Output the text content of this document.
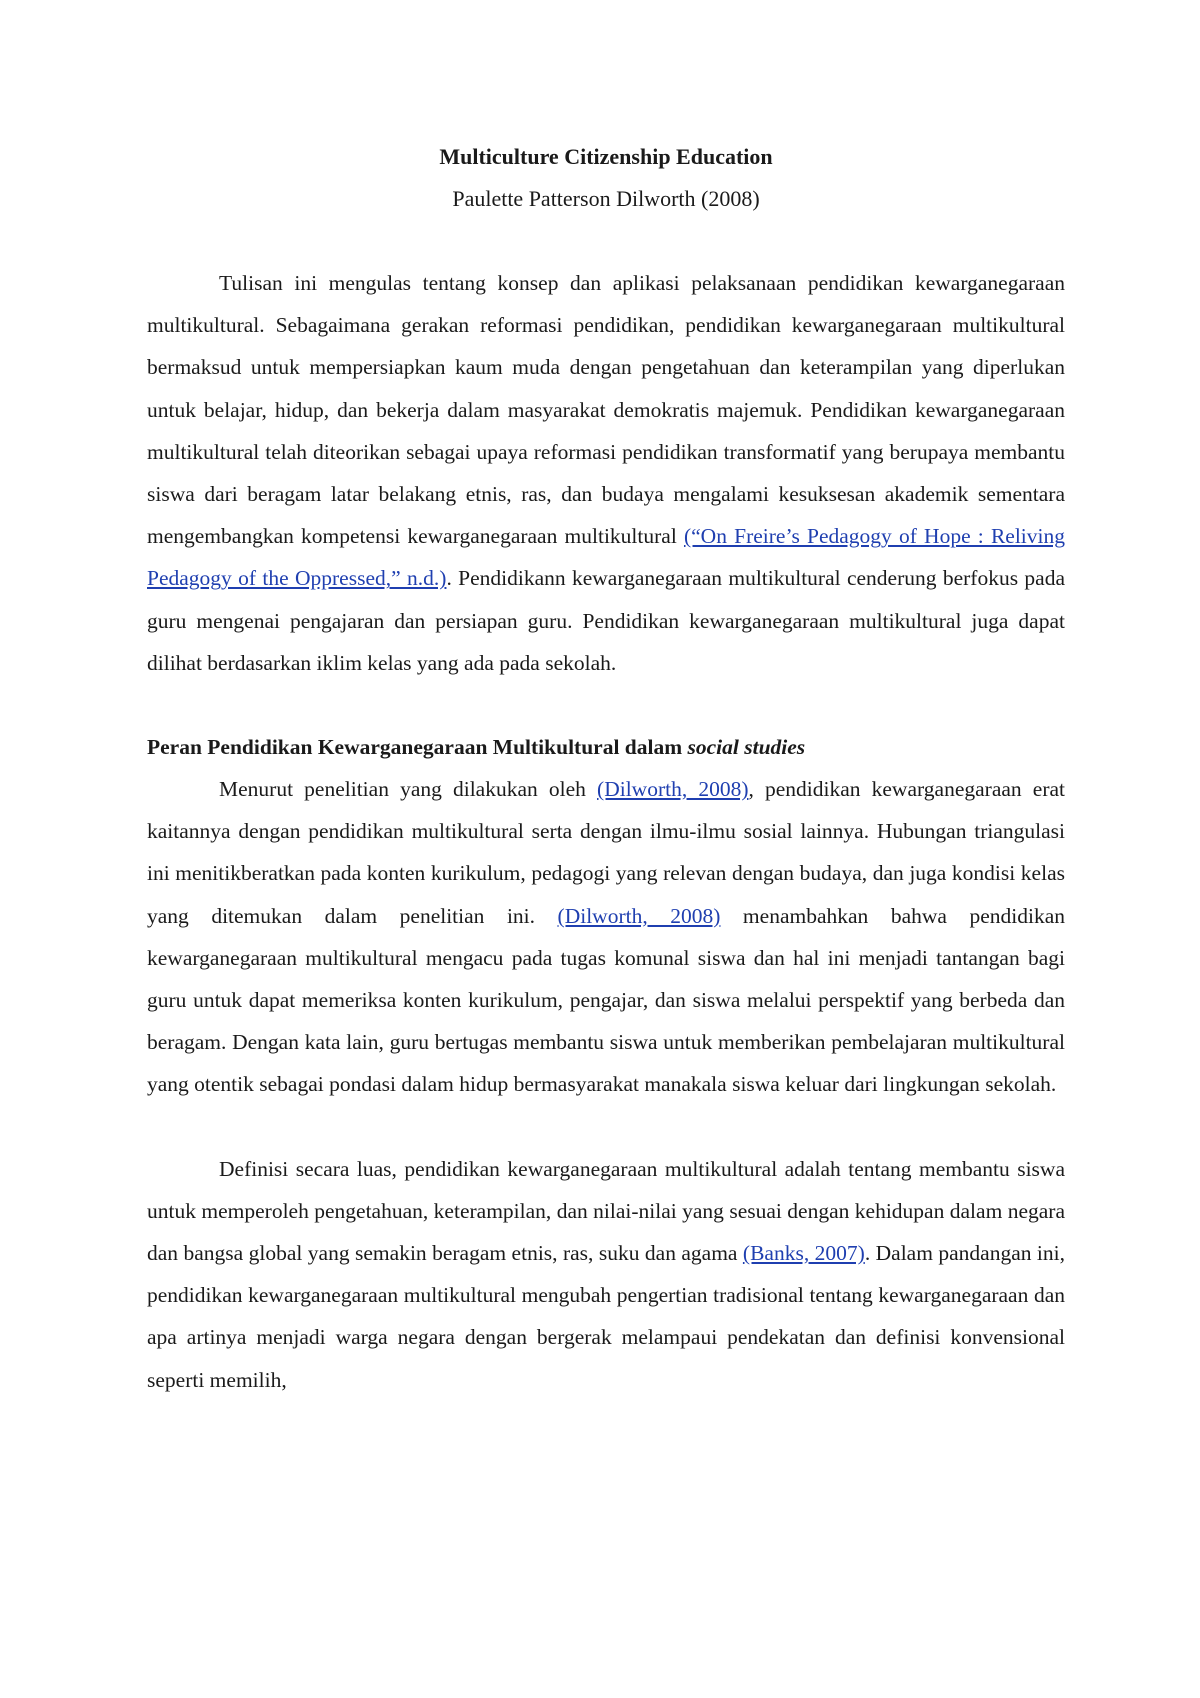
Multiculture Citizenship Education
Paulette Patterson Dilworth (2008)

Tulisan ini mengulas tentang konsep dan aplikasi pelaksanaan pendidikan kewarganegaraan multikultural. Sebagaimana gerakan reformasi pendidikan, pendidikan kewarganegaraan multikultural bermaksud untuk mempersiapkan kaum muda dengan pengetahuan dan keterampilan yang diperlukan untuk belajar, hidup, dan bekerja dalam masyarakat demokratis majemuk. Pendidikan kewarganegaraan multikultural telah diteorikan sebagai upaya reformasi pendidikan transformatif yang berupaya membantu siswa dari beragam latar belakang etnis, ras, dan budaya mengalami kesuksesan akademik sementara mengembangkan kompetensi kewarganegaraan multikultural (“On Freire’s Pedagogy of Hope : Reliving Pedagogy of the Oppressed,” n.d.). Pendidikann kewarganegaraan multikultural cenderung berfokus pada guru mengenai pengajaran dan persiapan guru. Pendidikan kewarganegaraan multikultural juga dapat dilihat berdasarkan iklim kelas yang ada pada sekolah.

Peran Pendidikan Kewarganegaraan Multikultural dalam social studies

Menurut penelitian yang dilakukan oleh (Dilworth, 2008), pendidikan kewarganegaraan erat kaitannya dengan pendidikan multikultural serta dengan ilmu-ilmu sosial lainnya. Hubungan triangulasi ini menitikberatkan pada konten kurikulum, pedagogi yang relevan dengan budaya, dan juga kondisi kelas yang ditemukan dalam penelitian ini. (Dilworth, 2008) menambahkan bahwa pendidikan kewarganegaraan multikultural mengacu pada tugas komunal siswa dan hal ini menjadi tantangan bagi guru untuk dapat memeriksa konten kurikulum, pengajar, dan siswa melalui perspektif yang berbeda dan beragam. Dengan kata lain, guru bertugas membantu siswa untuk memberikan pembelajaran multikultural yang otentik sebagai pondasi dalam hidup bermasyarakat manakala siswa keluar dari lingkungan sekolah.

Definisi secara luas, pendidikan kewarganegaraan multikultural adalah tentang membantu siswa untuk memperoleh pengetahuan, keterampilan, dan nilai-nilai yang sesuai dengan kehidupan dalam negara dan bangsa global yang semakin beragam etnis, ras, suku dan agama (Banks, 2007). Dalam pandangan ini, pendidikan kewarganegaraan multikultural mengubah pengertian tradisional tentang kewarganegaraan dan apa artinya menjadi warga negara dengan bergerak melampaui pendekatan dan definisi konvensional seperti memilih,
